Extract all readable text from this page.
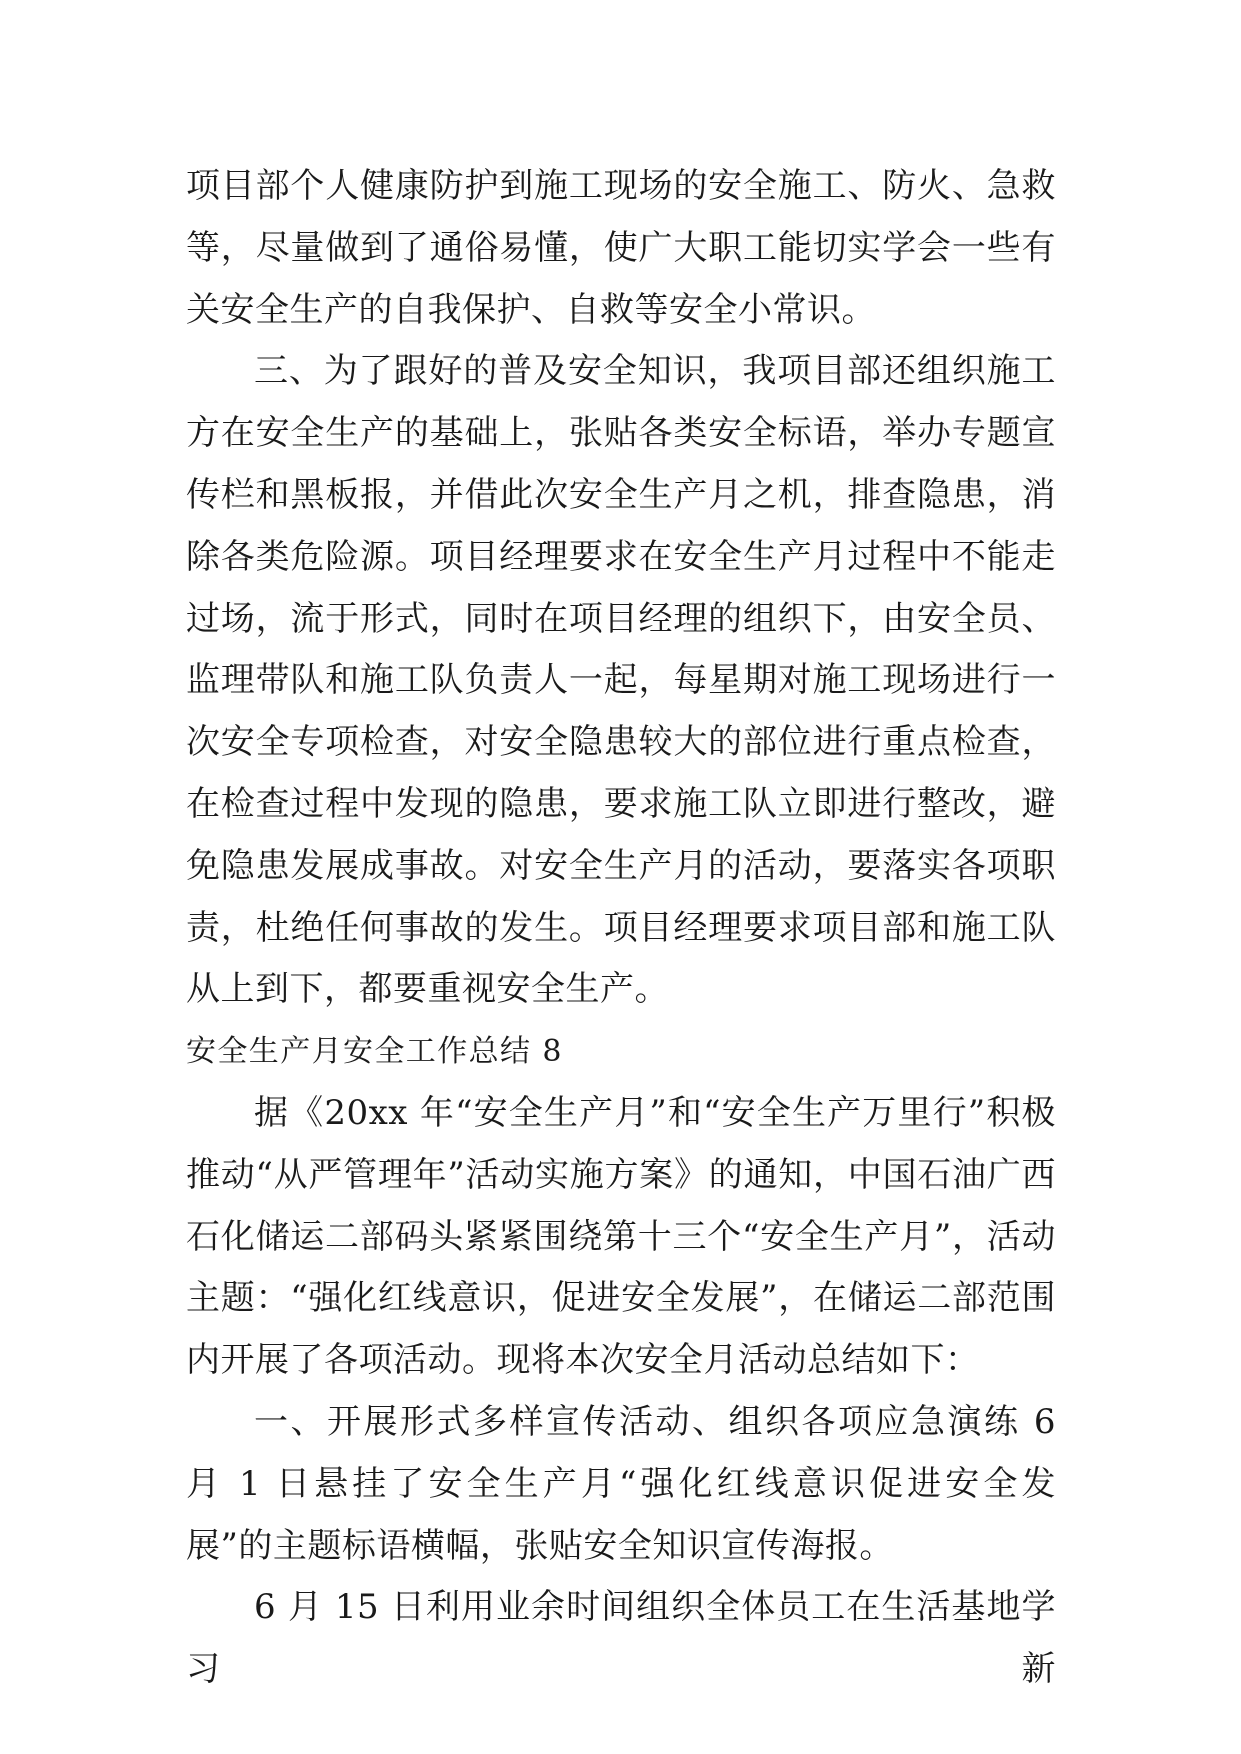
项目部个人健康防护到施工现场的安全施工、防火、急救等，尽量做到了通俗易懂，使广大职工能切实学会一些有关安全生产的自我保护、自救等安全小常识。

三、为了跟好的普及安全知识，我项目部还组织施工方在安全生产的基础上，张贴各类安全标语，举办专题宣传栏和黑板报，并借此次安全生产月之机，排查隐患，消除各类危险源。项目经理要求在安全生产月过程中不能走过场，流于形式，同时在项目经理的组织下，由安全员、监理带队和施工队负责人一起，每星期对施工现场进行一次安全专项检查，对安全隐患较大的部位进行重点检查，在检查过程中发现的隐患，要求施工队立即进行整改，避免隐患发展成事故。对安全生产月的活动，要落实各项职责，杜绝任何事故的发生。项目经理要求项目部和施工队从上到下，都要重视安全生产。

安全生产月安全工作总结 8

据《20xx 年“安全生产月”和“安全生产万里行”积极推动“从严管理年”活动实施方案》的通知，中国石油广西石化储运二部码头紧紧围绕第十三个“安全生产月”，活动主题：“强化红线意识，促进安全发展”，在储运二部范围内开展了各项活动。现将本次安全月活动总结如下：

一、开展形式多样宣传活动、组织各项应急演练 6 月 1 日悬挂了安全生产月“强化红线意识促进安全发展”的主题标语横幅，张贴安全知识宣传海报。

6 月 15 日利用业余时间组织全体员工在生活基地学习新
